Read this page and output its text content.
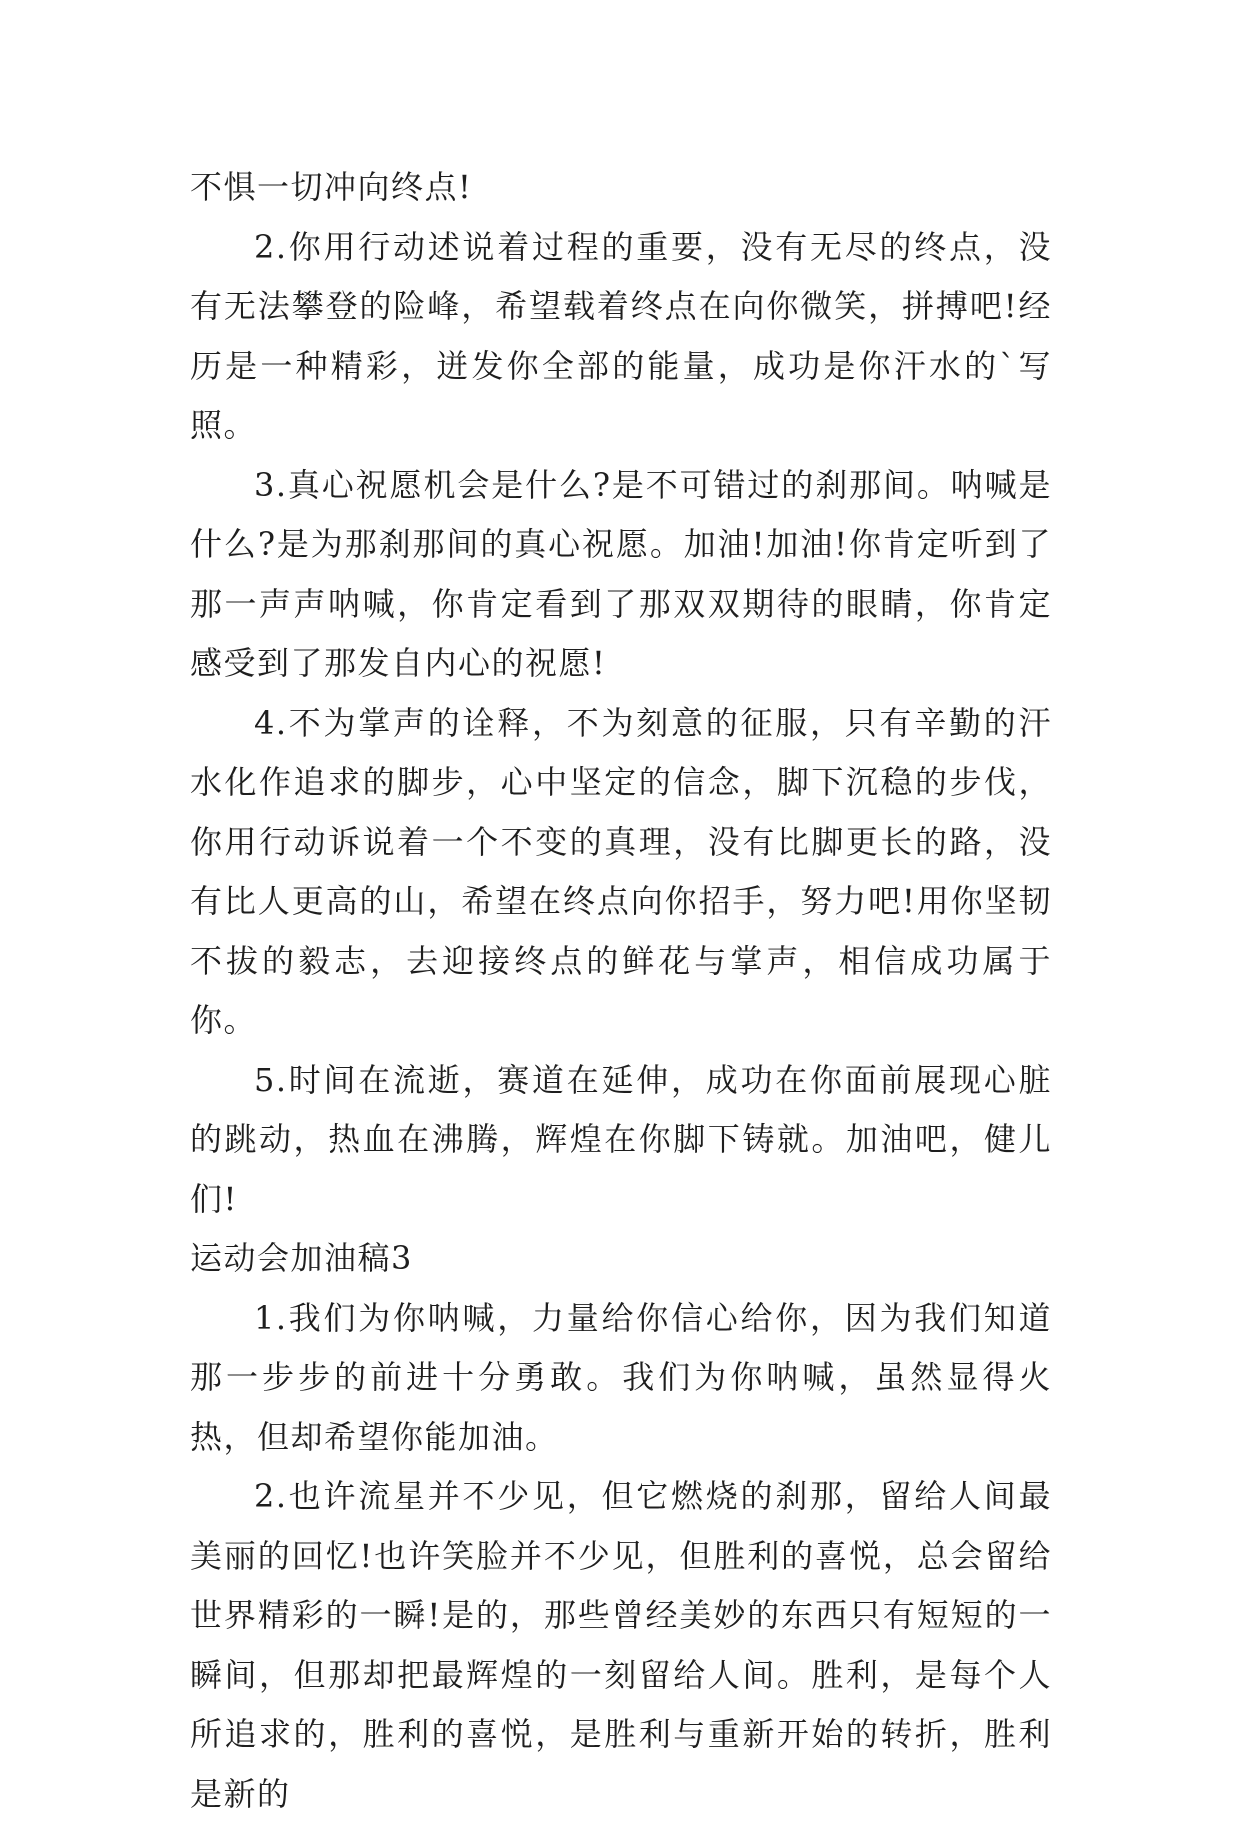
不惧一切冲向终点!

2.你用行动述说着过程的重要，没有无尽的终点，没有无法攀登的险峰，希望载着终点在向你微笑，拼搏吧!经历是一种精彩，迸发你全部的能量，成功是你汗水的`写照。

3.真心祝愿机会是什么?是不可错过的刹那间。呐喊是什么?是为那刹那间的真心祝愿。加油!加油!你肯定听到了那一声声呐喊，你肯定看到了那双双期待的眼睛，你肯定感受到了那发自内心的祝愿!

4.不为掌声的诠释，不为刻意的征服，只有辛勤的汗水化作追求的脚步，心中坚定的信念，脚下沉稳的步伐，你用行动诉说着一个不变的真理，没有比脚更长的路，没有比人更高的山，希望在终点向你招手，努力吧!用你坚韧不拔的毅志，去迎接终点的鲜花与掌声，相信成功属于你。

5.时间在流逝，赛道在延伸，成功在你面前展现心脏的跳动，热血在沸腾，辉煌在你脚下铸就。加油吧，健儿们!

运动会加油稿3

1.我们为你呐喊，力量给你信心给你，因为我们知道那一步步的前进十分勇敢。我们为你呐喊，虽然显得火热，但却希望你能加油。

2.也许流星并不少见，但它燃烧的刹那，留给人间最美丽的回忆!也许笑脸并不少见，但胜利的喜悦，总会留给世界精彩的一瞬!是的，那些曾经美妙的东西只有短短的一瞬间，但那却把最辉煌的一刻留给人间。胜利，是每个人所追求的，胜利的喜悦，是胜利与重新开始的转折，胜利是新的
